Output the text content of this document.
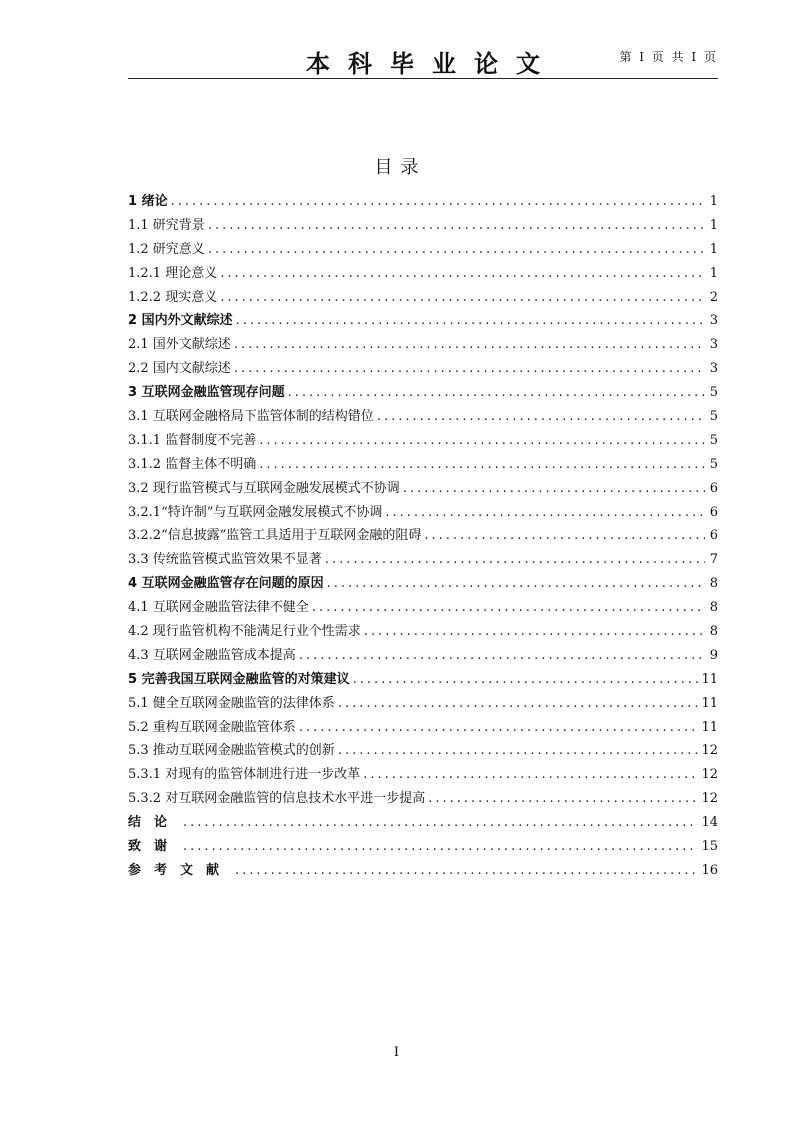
本科毕业论文	第 I 页 共 I 页
目录
1 绪论 .....	1
1.1 研究背景 .....	1
1.2 研究意义 .....	1
1.2.1 理论意义 .....	1
1.2.2 现实意义 .....	2
2 国内外文献综述 .....	3
2.1 国外文献综述 .....	3
2.2 国内文献综述 .....	3
3 互联网金融监管现存问题 .....	5
3.1 互联网金融格局下监管体制的结构错位 .....	5
3.1.1 监督制度不完善 .....	5
3.1.2 监督主体不明确 .....	5
3.2 现行监管模式与互联网金融发展模式不协调 .....	6
3.2.1“特许制”与互联网金融发展模式不协调 .....	6
3.2.2“信息披露”监管工具适用于互联网金融的阻碍 .....	6
3.3 传统监管模式监管效果不显著 .....	7
4 互联网金融监管存在问题的原因 .....	8
4.1 互联网金融监管法律不健全 .....	8
4.2 现行监管机构不能满足行业个性需求 .....	8
4.3 互联网金融监管成本提高 .....	9
5 完善我国互联网金融监管的对策建议 .....	11
5.1 健全互联网金融监管的法律体系 .....	11
5.2 重构互联网金融监管体系 .....	11
5.3 推动互联网金融监管模式的创新 .....	12
5.3.1 对现有的监管体制进行进一步改革 .....	12
5.3.2 对互联网金融监管的信息技术水平进一步提高 .....	12
结论 .....	14
致谢 .....	15
参考文献 .....	16
I
